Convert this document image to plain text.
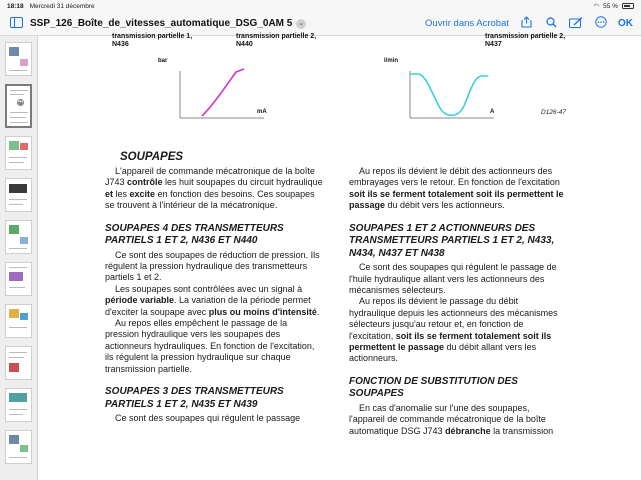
18:18 Mercredi 31 décembre	◠ 55 %
SSP_126_Boîte_de_vitesses_automatique_DSG_0AM 5 ⌄	Ouvrir dans Acrobat	OK
•••
transmission partielle 1,
N436
transmission partielle 2,
N440
transmission partielle 2,
N437
bar
mA
l/min
A	D126-47
SOUPAPES
L'appareil de commande mécatronique de la boîte J743 contrôle les huit soupapes du circuit hydraulique et les excite en fonction des besoins. Ces soupapes se trouvent à l'intérieur de la mécatronique.
SOUPAPES 4 DES TRANSMETTEURS PARTIELS 1 ET 2, N436 ET N440
Ce sont des soupapes de réduction de pression. Ils régulent la pression hydraulique des transmetteurs partiels 1 et 2.
Les soupapes sont contrôlées avec un signal à période variable. La variation de la période permet d'exciter la soupape avec plus ou moins d'intensité.
Au repos elles empêchent le passage de la pression hydraulique vers les soupapes des actionneurs hydrauliques. En fonction de l'excitation, ils régulent la pression hydraulique sur chaque transmission partielle.
SOUPAPES 3 DES TRANSMETTEURS PARTIELS 1 ET 2, N435 ET N439
Ce sont des soupapes qui régulent le passage
Au repos ils dévient le débit des actionneurs des embrayages vers le retour. En fonction de l'excitation soit ils se ferment totalement soit ils permettent le passage du débit vers les actionneurs.
SOUPAPES 1 ET 2 ACTIONNEURS DES TRANSMETTEURS PARTIELS 1 ET 2, N433, N434, N437 ET N438
Ce sont des soupapes qui régulent le passage de l'huile hydraulique allant vers les actionneurs des mécanismes sélecteurs.
Au repos ils dévient le passage du débit hydraulique depuis les actionneurs des mécanismes sélecteurs jusqu'au retour et, en fonction de l'excitation, soit ils se ferment totalement soit ils permettent le passage du débit allant vers les actionneurs.
FONCTION DE SUBSTITUTION DES SOUPAPES
En cas d'anomalie sur l'une des soupapes, l'appareil de commande mécatronique de la boîte automatique DSG J743 débranche la transmission
